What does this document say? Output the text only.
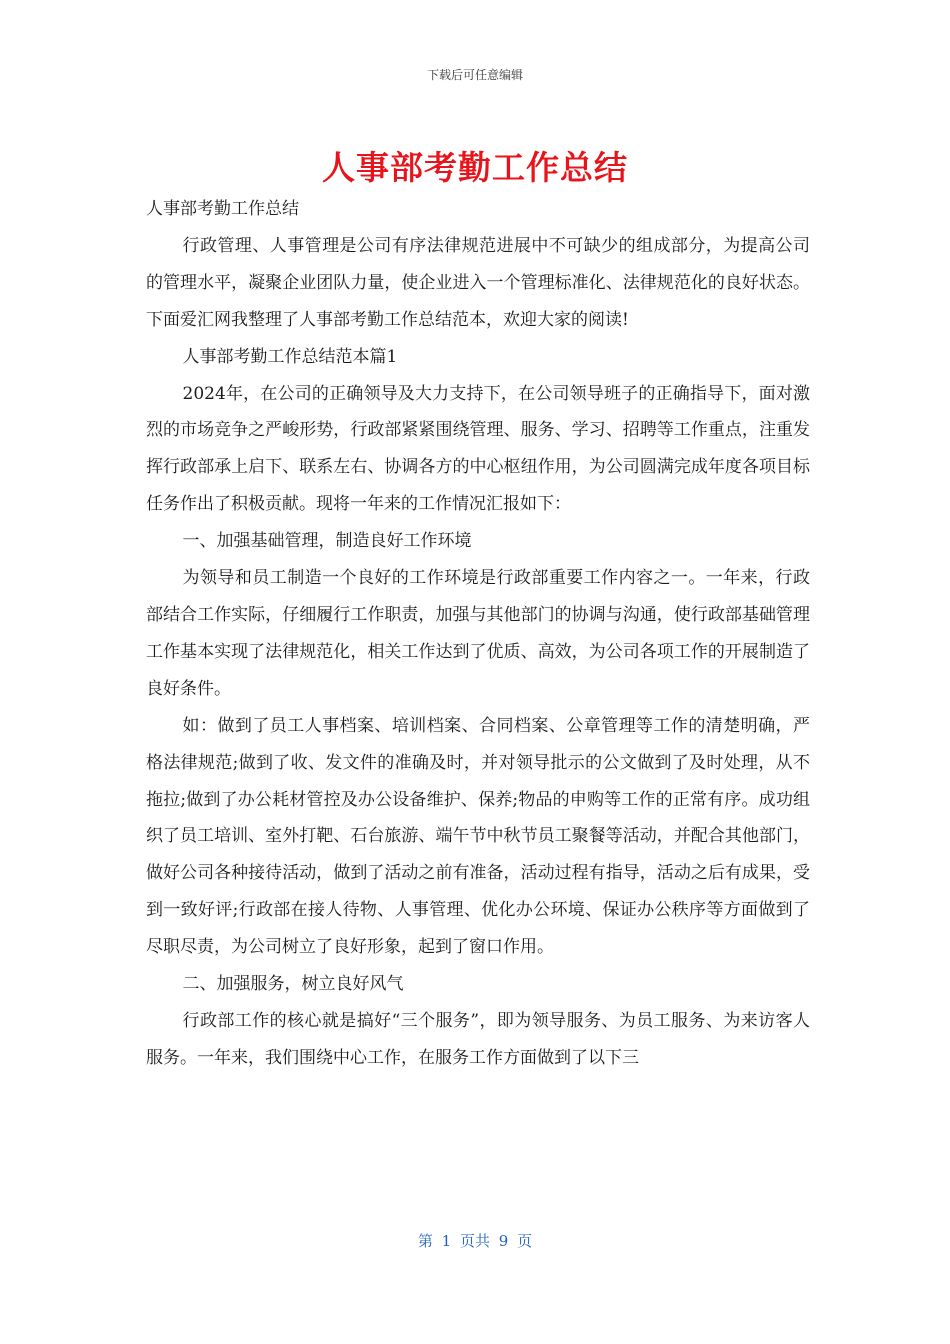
下载后可任意编辑
人事部考勤工作总结

人事部考勤工作总结

行政管理、人事管理是公司有序法律规范进展中不可缺少的组成部分，为提高公司的管理水平，凝聚企业团队力量，使企业进入一个管理标准化、法律规范化的良好状态。下面爱汇网我整理了人事部考勤工作总结范本，欢迎大家的阅读!

人事部考勤工作总结范本篇1

2024年，在公司的正确领导及大力支持下，在公司领导班子的正确指导下，面对激烈的市场竞争之严峻形势，行政部紧紧围绕管理、服务、学习、招聘等工作重点，注重发挥行政部承上启下、联系左右、协调各方的中心枢纽作用，为公司圆满完成年度各项目标任务作出了积极贡献。现将一年来的工作情况汇报如下：

一、加强基础管理，制造良好工作环境

为领导和员工制造一个良好的工作环境是行政部重要工作内容之一。一年来，行政部结合工作实际，仔细履行工作职责，加强与其他部门的协调与沟通，使行政部基础管理工作基本实现了法律规范化，相关工作达到了优质、高效，为公司各项工作的开展制造了良好条件。

如：做到了员工人事档案、培训档案、合同档案、公章管理等工作的清楚明确，严格法律规范;做到了收、发文件的准确及时，并对领导批示的公文做到了及时处理，从不拖拉;做到了办公耗材管控及办公设备维护、保养;物品的申购等工作的正常有序。成功组织了员工培训、室外打靶、石台旅游、端午节中秋节员工聚餐等活动，并配合其他部门，做好公司各种接待活动，做到了活动之前有准备，活动过程有指导，活动之后有成果，受到一致好评;行政部在接人待物、人事管理、优化办公环境、保证办公秩序等方面做到了尽职尽责，为公司树立了良好形象，起到了窗口作用。

二、加强服务，树立良好风气

行政部工作的核心就是搞好“三个服务”，即为领导服务、为员工服务、为来访客人服务。一年来，我们围绕中心工作，在服务工作方面做到了以下三

第 1 页共 9 页
